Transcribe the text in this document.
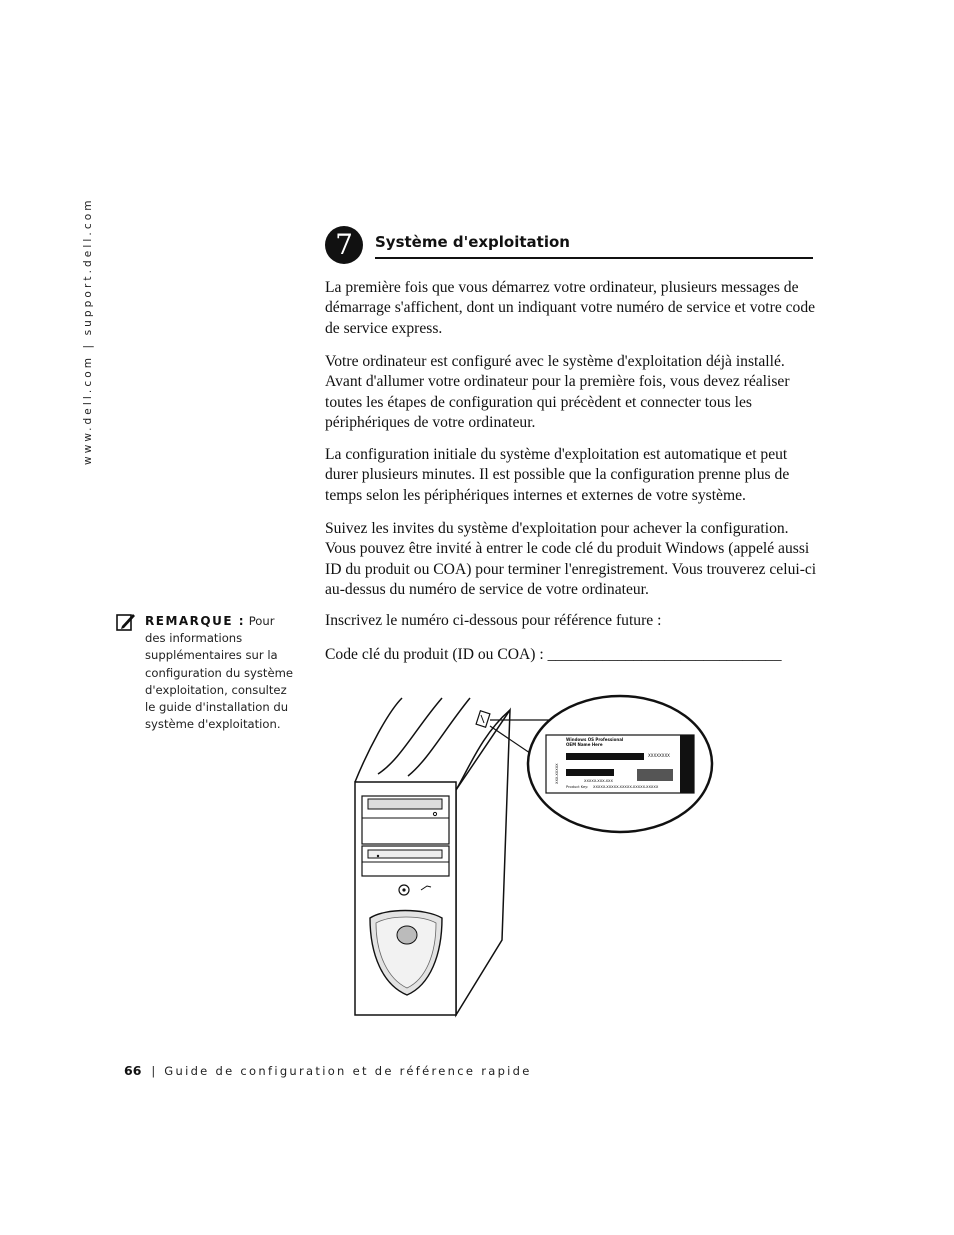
www.dell.com | support.dell.com	7	Système d'exploitation
La première fois que vous démarrez votre ordinateur, plusieurs messages de démarrage s'affichent, dont un indiquant votre numéro de service et votre code de service express.
Votre ordinateur est configuré avec le système d'exploitation déjà installé. Avant d'allumer votre ordinateur pour la première fois, vous devez réaliser toutes les étapes de configuration qui précèdent et connecter tous les périphériques de votre ordinateur.
La configuration initiale du système d'exploitation est automatique et peut durer plusieurs minutes. Il est possible que la configuration prenne plus de temps selon les périphériques internes et externes de votre système.
Suivez les invites du système d'exploitation pour achever la configuration. Vous pouvez être invité à entrer le code clé du produit Windows (appelé aussi ID du produit ou COA) pour terminer l'enregistrement. Vous trouverez celui-ci au-dessus du numéro de service de votre ordinateur.
Inscrivez le numéro ci-dessous pour référence future :
Code clé du produit (ID ou COA) : ______________________________
REMARQUE : Pour des informations supplémentaires sur la configuration du système d'exploitation, consultez le guide d'installation du système d'exploitation.
Windows OS Professional
OEM Name Here
XXXXXXXX
XXXXX-XXX-XXX
XXX-XXXXX
Product Key: XXXXX-XXXXX-XXXXX-XXXXX-XXXXX
66 | Guide de configuration et de référence rapide
